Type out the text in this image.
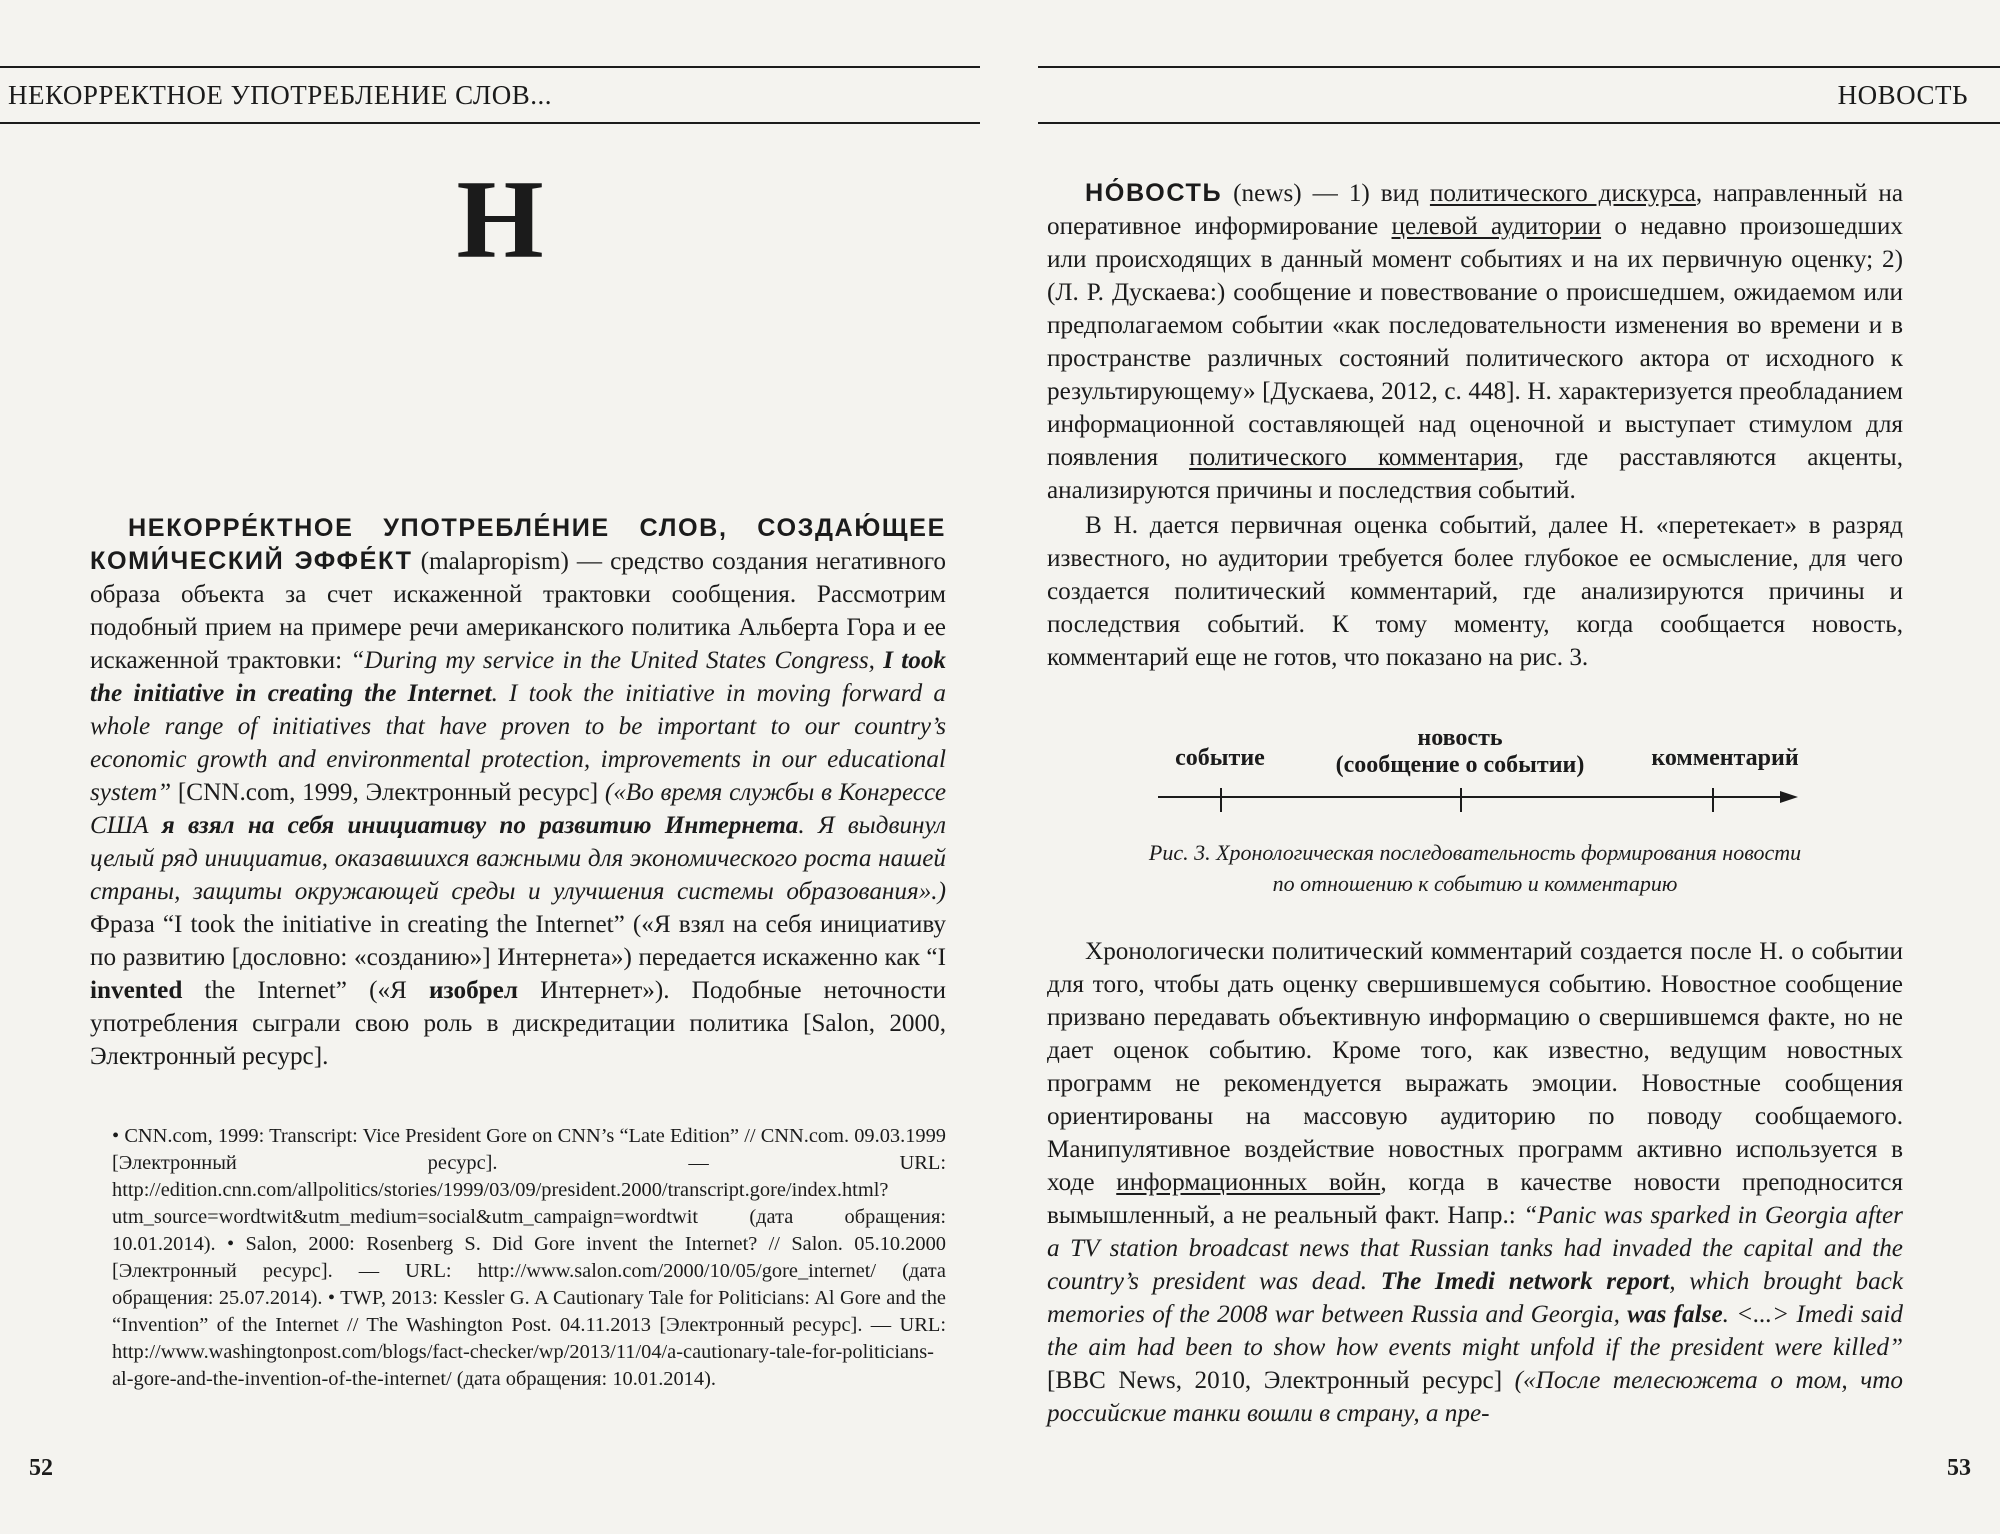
НЕКОРРЕКТНОЕ УПОТРЕБЛЕНИЕ СЛОВ...
Н

НЕКОРРЕ́КТНОЕ УПОТРЕБЛЕ́НИЕ СЛОВ, СОЗДАЮ́ЩЕЕ КОМИ́ЧЕСКИЙ ЭФФЕ́КТ (malapropism) — средство создания негативного образа объекта за счет искаженной трактовки сообщения. Рассмотрим подобный прием на примере речи американского политика Альберта Гора и ее искаженной трактовки: “During my service in the United States Congress, I took the initiative in creating the Internet. I took the initiative in moving forward a whole range of initiatives that have proven to be important to our country’s economic growth and environmental protection, improvements in our educational system” [CNN.com, 1999, Электронный ресурс] («Во время службы в Конгрессе США я взял на себя инициативу по развитию Интернета. Я выдвинул целый ряд инициатив, оказавшихся важными для экономического роста нашей страны, защиты окружающей среды и улучшения системы образования».) Фраза “I took the initiative in creating the Internet” («Я взял на себя инициативу по развитию [дословно: «созданию»] Интернета») передается искаженно как “I invented the Internet” («Я изобрел Интернет»). Подобные неточности употребления сыграли свою роль в дискредитации политика [Salon, 2000, Электронный ресурс].

• CNN.com, 1999: Transcript: Vice President Gore on CNN’s “Late Edition” // CNN.com. 09.03.1999 [Электронный ресурс]. — URL: http://edition.cnn.com/allpolitics/stories/1999/03/09/president.2000/transcript.gore/index.html?utm_source=wordtwit&utm_medium=social&utm_campaign=wordtwit (дата обращения: 10.01.2014). • Salon, 2000: Rosenberg S. Did Gore invent the Internet? // Salon. 05.10.2000 [Электронный ресурс]. — URL: http://www.salon.com/2000/10/05/gore_internet/ (дата обращения: 25.07.2014). • TWP, 2013: Kessler G. A Cautionary Tale for Politicians: Al Gore and the “Invention” of the Internet // The Washington Post. 04.11.2013 [Электронный ресурс]. — URL: http://www.washingtonpost.com/blogs/fact-checker/wp/2013/11/04/a-cautionary-tale-for-politicians-al-gore-and-the-invention-of-the-internet/ (дата обращения: 10.01.2014).

52
НОВОСТЬ

НО́ВОСТЬ (news) — 1) вид политического дискурса, направленный на оперативное информирование целевой аудитории о недавно произошедших или происходящих в данный момент событиях и на их первичную оценку; 2) (Л. Р. Дускаева:) сообщение и повествование о происшедшем, ожидаемом или предполагаемом событии «как последовательности изменения во времени и в пространстве различных состояний политического актора от исходного к результирующему» [Дускаева, 2012, с. 448]. Н. характеризуется преобладанием информационной составляющей над оценочной и выступает стимулом для появления политического комментария, где расставляются акценты, анализируются причины и последствия событий.

В Н. дается первичная оценка событий, далее Н. «перетекает» в разряд известного, но аудитории требуется более глубокое ее осмысление, для чего создается политический комментарий, где анализируются причины и последствия событий. К тому моменту, когда сообщается новость, комментарий еще не готов, что показано на рис. 3.

Рис. 3. Хронологическая последовательность формирования новости
по отношению к событию и комментарию

Хронологически политический комментарий создается после Н. о событии для того, чтобы дать оценку свершившемуся событию. Новостное сообщение призвано передавать объективную информацию о свершившемся факте, но не дает оценок событию. Кроме того, как известно, ведущим новостных программ не рекомендуется выражать эмоции. Новостные сообщения ориентированы на массовую аудиторию по поводу сообщаемого. Манипулятивное воздействие новостных программ активно используется в ходе информационных войн, когда в качестве новости преподносится вымышленный, а не реальный факт. Напр.: “Panic was sparked in Georgia after a TV station broadcast news that Russian tanks had invaded the capital and the country’s president was dead. The Imedi network report, which brought back memories of the 2008 war between Russia and Georgia, was false. <...> Imedi said the aim had been to show how events might unfold if the president were killed” [BBC News, 2010, Электронный ресурс] («После телесюжета о том, что российские танки вошли в страну, а пре-

53
событие
новость
(сообщение о событии)	комментарий
